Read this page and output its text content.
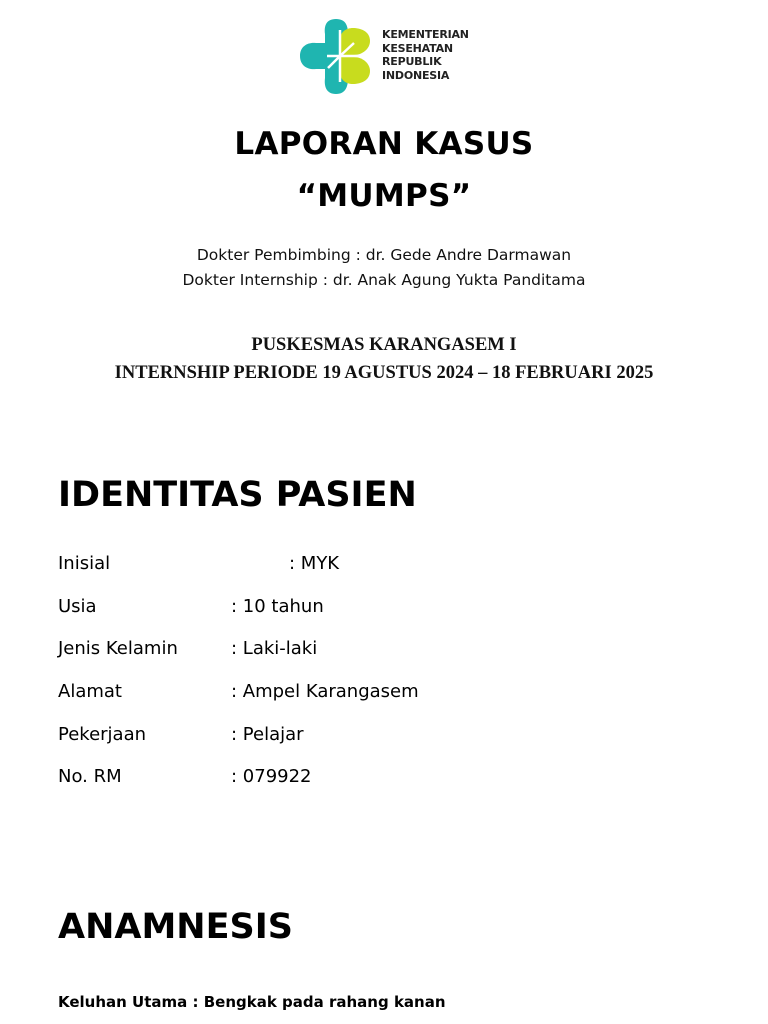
KEMENTERIAN
KESEHATAN
REPUBLIK
INDONESIA
LAPORAN KASUS
“MUMPS”
Dokter Pembimbing : dr. Gede Andre Darmawan
Dokter Internship : dr. Anak Agung Yukta Panditama
PUSKESMAS KARANGASEM I
INTERNSHIP PERIODE 19 AGUSTUS 2024 – 18 FEBRUARI 2025
IDENTITAS PASIEN
Inisial	: MYK
Usia	: 10 tahun
Jenis Kelamin	: Laki-laki
Alamat	: Ampel Karangasem
Pekerjaan	: Pelajar
No. RM	: 079922
ANAMNESIS
Keluhan Utama : Bengkak pada rahang kanan
